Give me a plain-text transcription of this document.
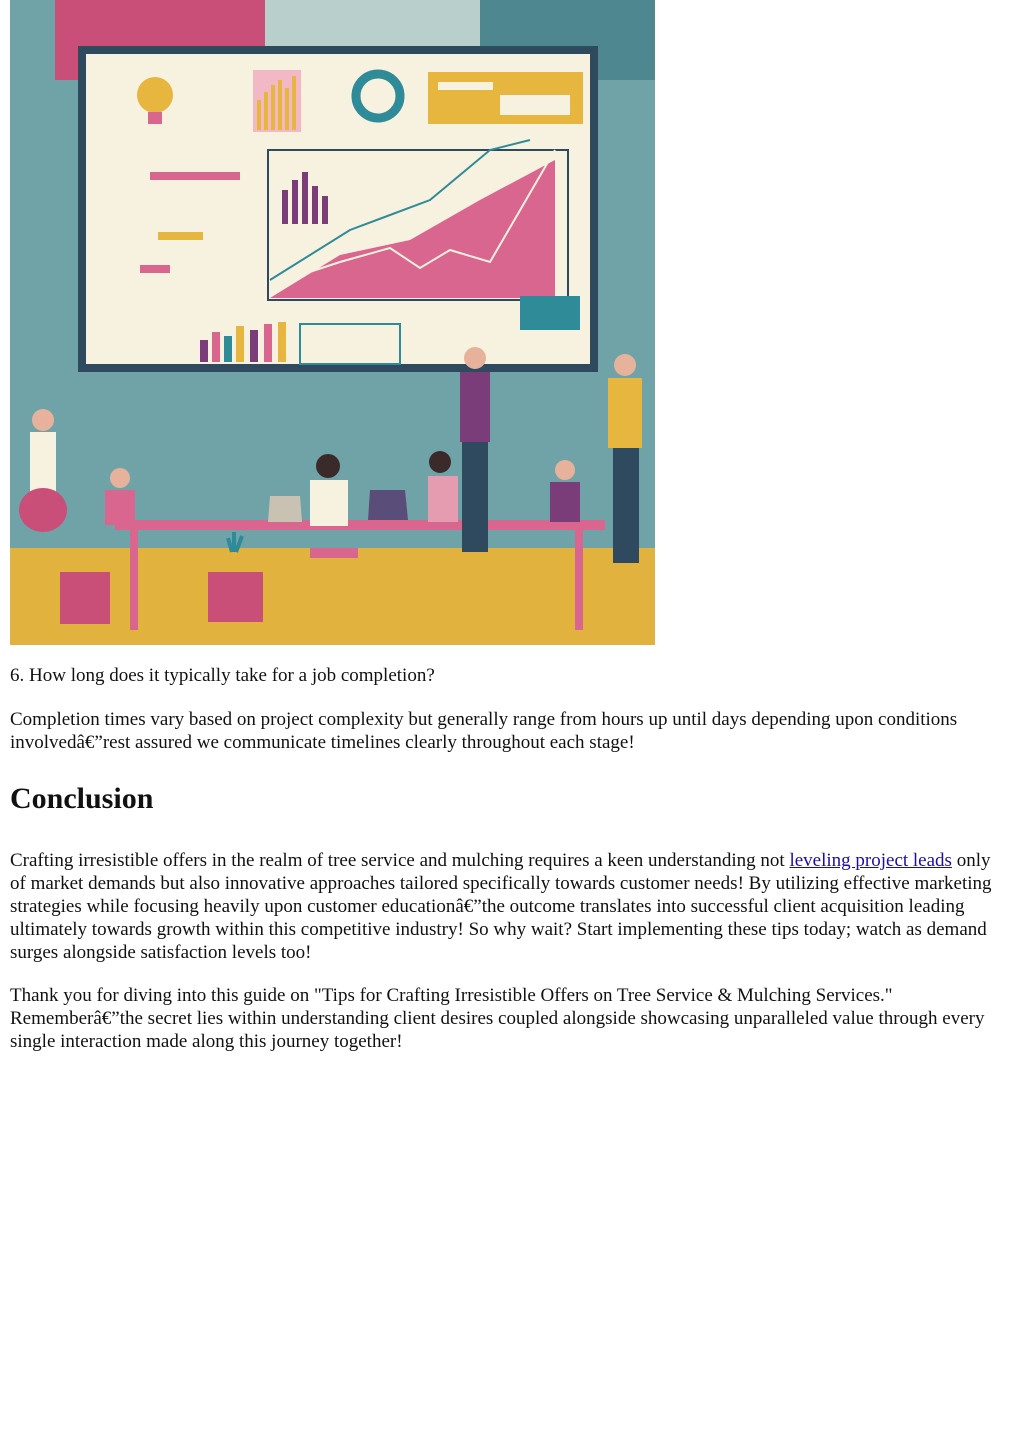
6. How long does it typically take for a job completion?

Completion times vary based on project complexity but generally range from hours up until days depending upon conditions involvedâ€”rest assured we communicate timelines clearly throughout each stage!

Conclusion

Crafting irresistible offers in the realm of tree service and mulching requires a keen understanding not leveling project leads only of market demands but also innovative approaches tailored specifically towards customer needs! By utilizing effective marketing strategies while focusing heavily upon customer educationâ€”the outcome translates into successful client acquisition leading ultimately towards growth within this competitive industry! So why wait? Start implementing these tips today; watch as demand surges alongside satisfaction levels too!

Thank you for diving into this guide on "Tips for Crafting Irresistible Offers on Tree Service & Mulching Services." Rememberâ€”the secret lies within understanding client desires coupled alongside showcasing unparalleled value through every single interaction made along this journey together!
